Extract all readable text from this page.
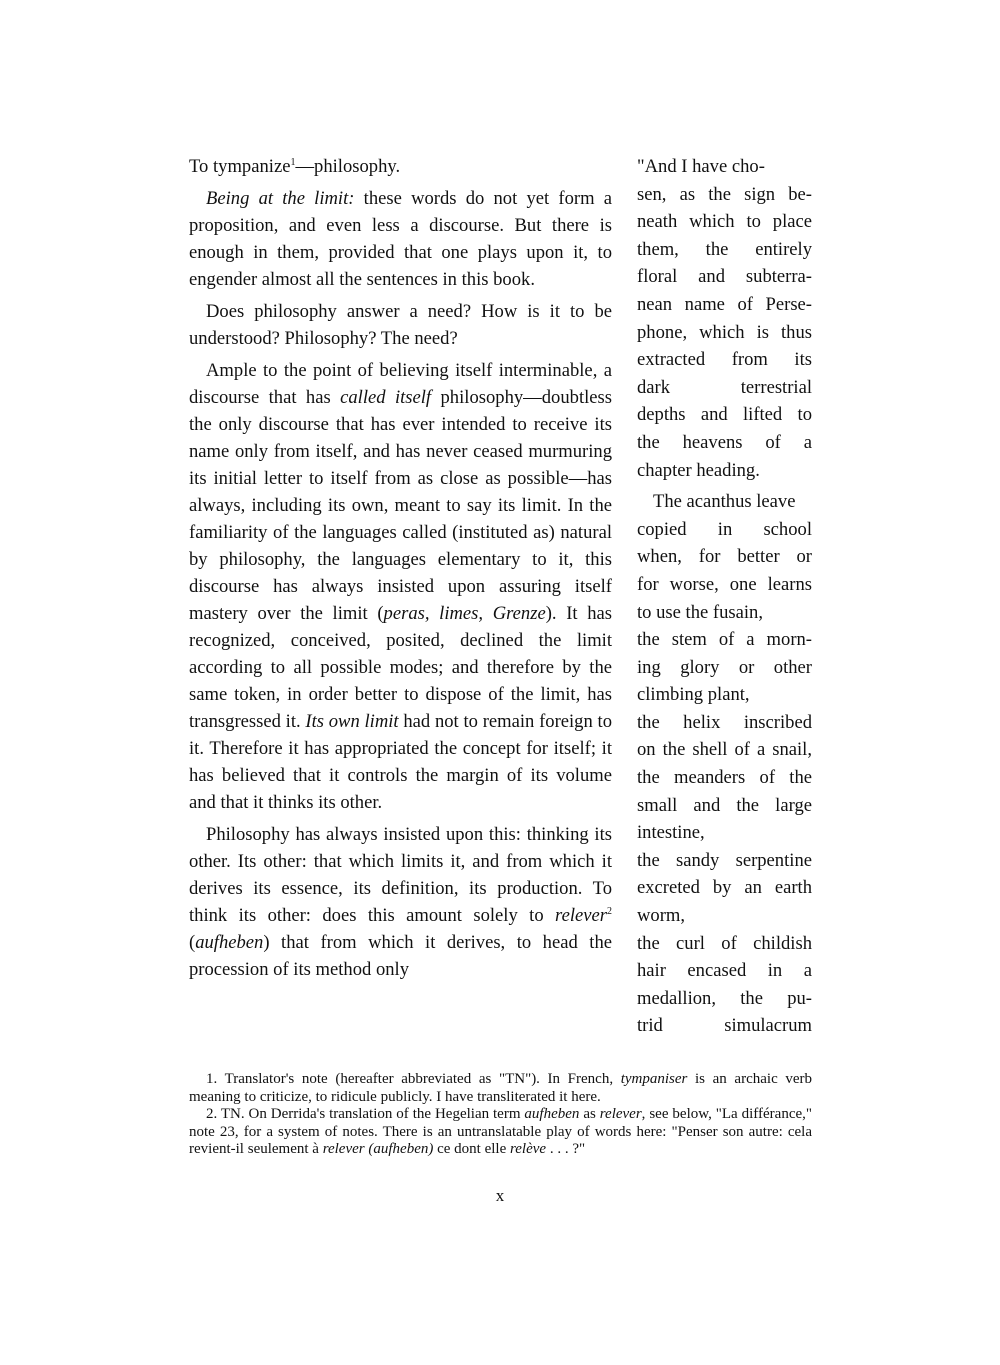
To tympanize$^1$—philosophy.

Being at the limit: these words do not yet form a proposition, and even less a discourse. But there is enough in them, provided that one plays upon it, to engender almost all the sentences in this book.

Does philosophy answer a need? How is it to be understood? Philosophy? The need?

Ample to the point of believing itself interminable, a discourse that has called itself philosophy—doubtless the only discourse that has ever intended to receive its name only from itself, and has never ceased murmuring its initial letter to itself from as close as possible—has always, including its own, meant to say its limit. In the familiarity of the languages called (instituted as) natural by philosophy, the languages elementary to it, this discourse has always insisted upon assuring itself mastery over the limit (peras, limes, Grenze). It has recognized, conceived, posited, declined the limit according to all possible modes; and therefore by the same token, in order better to dispose of the limit, has transgressed it. Its own limit had not to remain foreign to it. Therefore it has appropriated the concept for itself; it has believed that it controls the margin of its volume and that it thinks its other.

Philosophy has always insisted upon this: thinking its other. Its other: that which limits it, and from which it derives its essence, its definition, its production. To think its other: does this amount solely to relever$^2$ (aufheben) that from which it derives, to head the procession of its method only

"And I have cho-
sen, as the sign be-
neath which to place
them, the entirely
floral and subterra-
nean name of Perse-
phone, which is thus
extracted from its
dark terrestrial
depths and lifted to
the heavens of a
chapter heading.
The acanthus leave
copied in school
when, for better or
for worse, one learns
to use the fusain,
the stem of a morn-
ing glory or other
climbing plant,
the helix inscribed
on the shell of a snail,
the meanders of the
small and the large
intestine,
the sandy serpentine
excreted by an earth
worm,
the curl of childish
hair encased in a
medallion, the pu-
trid simulacrum

1. Translator's note (hereafter abbreviated as "TN"). In French, tympaniser is an archaic verb meaning to criticize, to ridicule publicly. I have transliterated it here.

2. TN. On Derrida's translation of the Hegelian term aufheben as relever, see below, "La différance," note 23, for a system of notes. There is an untranslatable play of words here: "Penser son autre: cela revient-il seulement à relever (aufheben) ce dont elle relève . . . ?"

x
